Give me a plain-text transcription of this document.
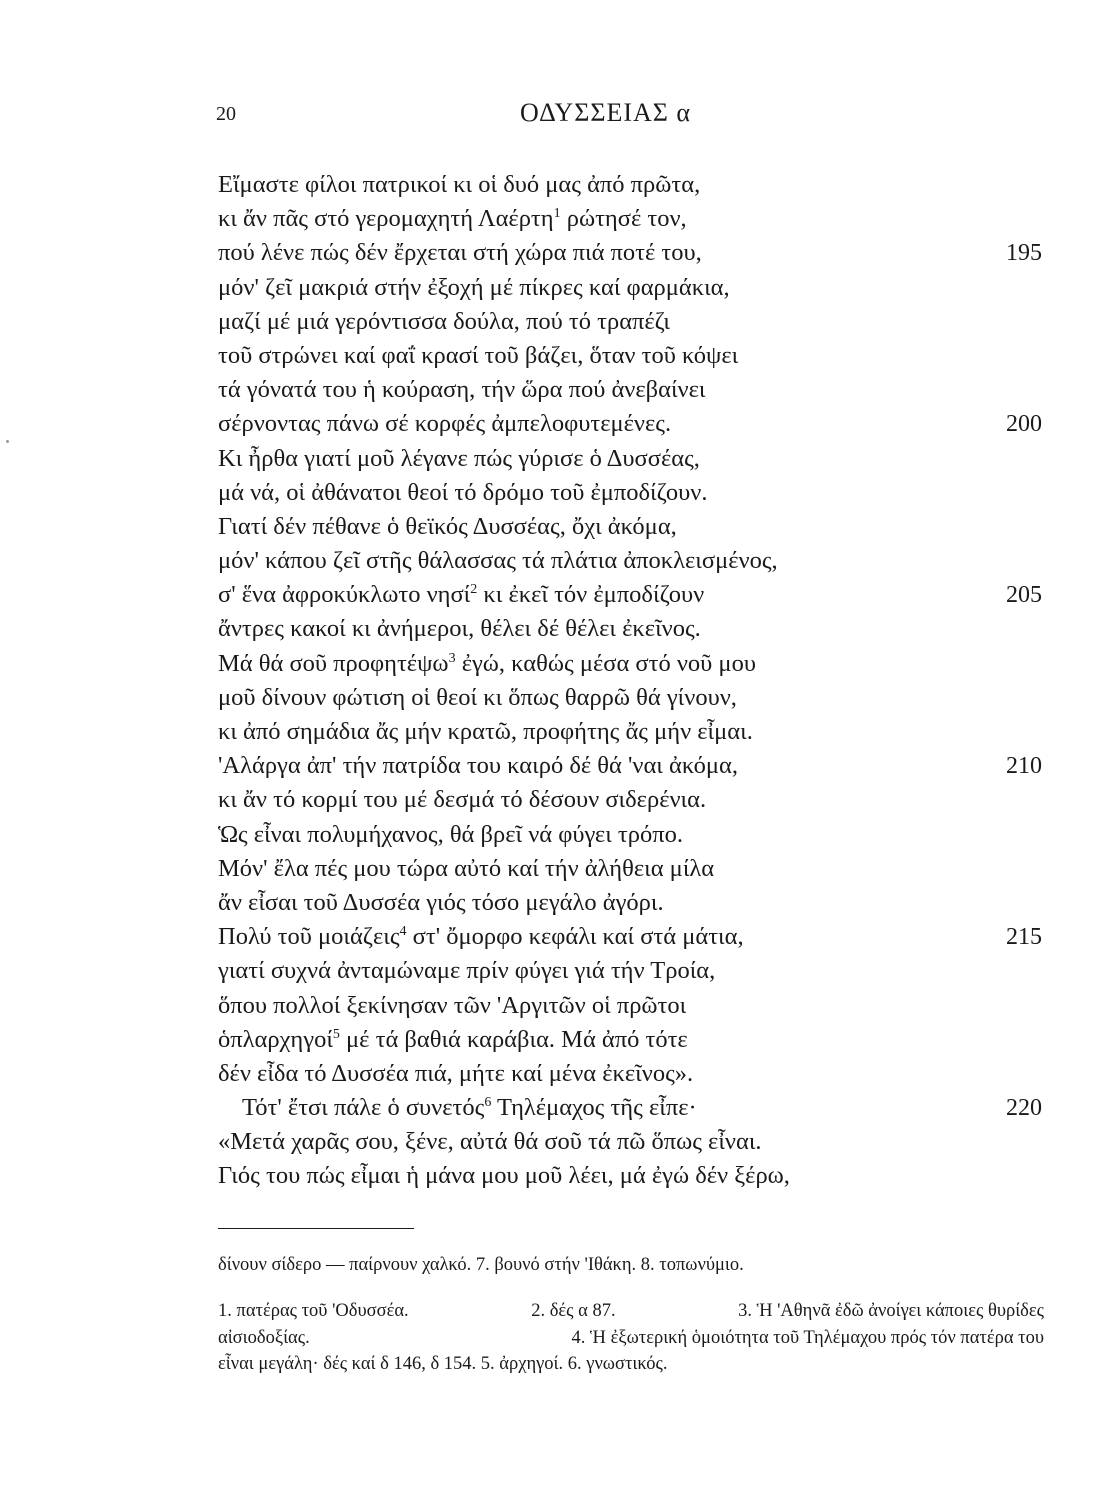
20	ΟΔΥΣΣΕΙΑΣ α
Εἴμαστε φίλοι πατρικοί κι οἱ δυό μας ἀπό πρῶτα,
κι ἄν πᾶς στό γερομαχητή Λαέρτη$^1$ ρώτησέ τον,
πού λένε πώς δέν ἔρχεται στή χώρα πιά ποτέ του,	195
μόν' ζεῖ μακριά στήν ἐξοχή μέ πίκρες καί φαρμάκια,
μαζί μέ μιά γερόντισσα δούλα, πού τό τραπέζι
τοῦ στρώνει καί φαΐ κρασί τοῦ βάζει, ὅταν τοῦ κόψει
τά γόνατά του ἡ κούραση, τήν ὥρα πού ἀνεβαίνει
σέρνοντας πάνω σέ κορφές ἀμπελοφυτεμένες.	200
Κι ἦρθα γιατί μοῦ λέγανε πώς γύρισε ὁ Δυσσέας,
μά νά, οἱ ἀθάνατοι θεοί τό δρόμο τοῦ ἐμποδίζουν.
Γιατί δέν πέθανε ὁ θεϊκός Δυσσέας, ὄχι ἀκόμα,
μόν' κάπου ζεῖ στῆς θάλασσας τά πλάτια ἀποκλεισμένος,
σ' ἕνα ἀφροκύκλωτο νησί$^2$ κι ἐκεῖ τόν ἐμποδίζουν	205
ἄντρες κακοί κι ἀνήμεροι, θέλει δέ θέλει ἐκεῖνος.
Μά θά σοῦ προφητέψω$^3$ ἐγώ, καθώς μέσα στό νοῦ μου
μοῦ δίνουν φώτιση οἱ θεοί κι ὅπως θαρρῶ θά γίνουν,
κι ἀπό σημάδια ἄς μήν κρατῶ, προφήτης ἄς μήν εἶμαι.
'Αλάργα ἀπ' τήν πατρίδα του καιρό δέ θά 'ναι ἀκόμα,	210
κι ἄν τό κορμί του μέ δεσμά τό δέσουν σιδερένια.
Ὡς εἶναι πολυμήχανος, θά βρεῖ νά φύγει τρόπο.
Μόν' ἔλα πές μου τώρα αὐτό καί τήν ἀλήθεια μίλα
ἄν εἶσαι τοῦ Δυσσέα γιός τόσο μεγάλο ἀγόρι.
Πολύ τοῦ μοιάζεις$^4$ στ' ὄμορφο κεφάλι καί στά μάτια,	215
γιατί συχνά ἀνταμώναμε πρίν φύγει γιά τήν Τροία,
ὅπου πολλοί ξεκίνησαν τῶν 'Αργιτῶν οἱ πρῶτοι
ὁπλαρχηγοί$^5$ μέ τά βαθιά καράβια. Μά ἀπό τότε
δέν εἶδα τό Δυσσέα πιά, μήτε καί μένα ἐκεῖνος».
Τότ' ἔτσι πάλε ὁ συνετός$^6$ Τηλέμαχος τῆς εἶπε·	220
«Μετά χαρᾶς σου, ξένε, αὐτά θά σοῦ τά πῶ ὅπως εἶναι.
Γιός του πώς εἶμαι ἡ μάνα μου μοῦ λέει, μά ἐγώ δέν ξέρω,
δίνουν σίδερο — παίρνουν χαλκό. 7. βουνό στήν 'Ιθάκη. 8. τοπωνύμιο.
1. πατέρας τοῦ 'Οδυσσέα.	2. δές α 87.	3. Ἡ 'Αθηνᾶ ἐδῶ ἀνοίγει κάποιες θυρίδες
αἰσιοδοξίας.	4. Ἡ ἐξωτερική ὁμοιότητα τοῦ Τηλέμαχου πρός τόν πατέρα του
εἶναι μεγάλη· δές καί δ 146, δ 154. 5. ἀρχηγοί. 6. γνωστικός.
